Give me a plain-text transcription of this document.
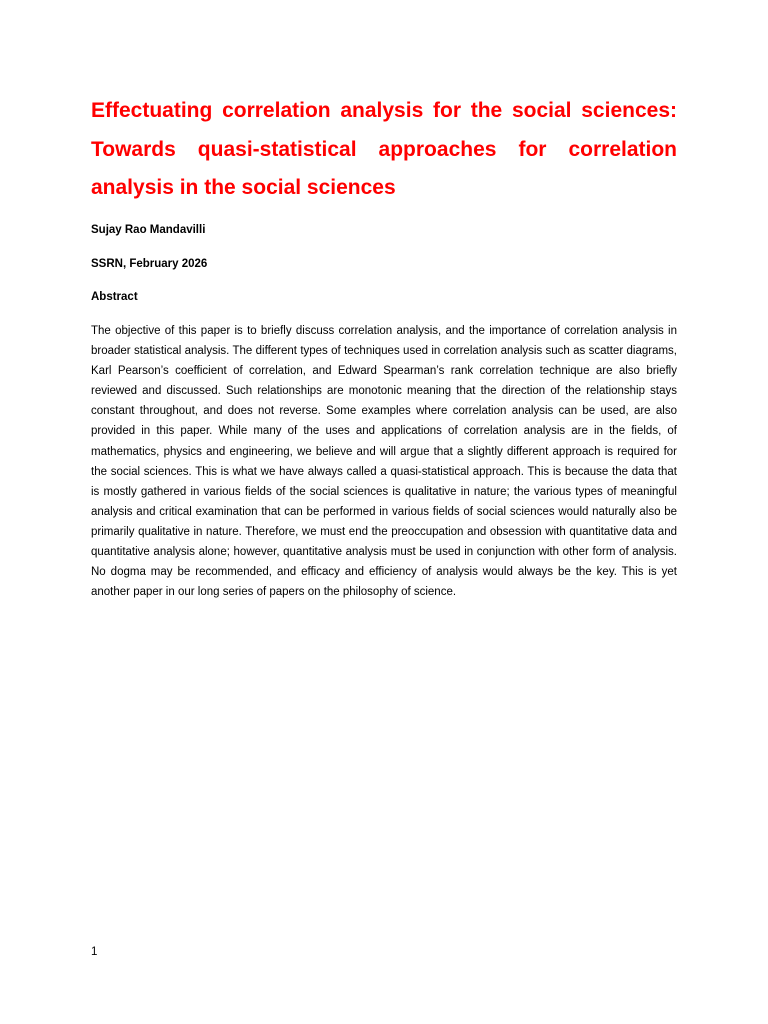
Effectuating correlation analysis for the social sciences: Towards quasi-statistical approaches for correlation analysis in the social sciences

Sujay Rao Mandavilli

SSRN, February 2026

Abstract

The objective of this paper is to briefly discuss correlation analysis, and the importance of correlation analysis in broader statistical analysis. The different types of techniques used in correlation analysis such as scatter diagrams, Karl Pearson’s coefficient of correlation, and Edward Spearman’s rank correlation technique are also briefly reviewed and discussed. Such relationships are monotonic meaning that the direction of the relationship stays constant throughout, and does not reverse. Some examples where correlation analysis can be used, are also provided in this paper. While many of the uses and applications of correlation analysis are in the fields, of mathematics, physics and engineering, we believe and will argue that a slightly different approach is required for the social sciences. This is what we have always called a quasi-statistical approach. This is because the data that is mostly gathered in various fields of the social sciences is qualitative in nature; the various types of meaningful analysis and critical examination that can be performed in various fields of social sciences would naturally also be primarily qualitative in nature. Therefore, we must end the preoccupation and obsession with quantitative data and quantitative analysis alone; however, quantitative analysis must be used in conjunction with other form of analysis. No dogma may be recommended, and efficacy and efficiency of analysis would always be the key. This is yet another paper in our long series of papers on the philosophy of science.

1
